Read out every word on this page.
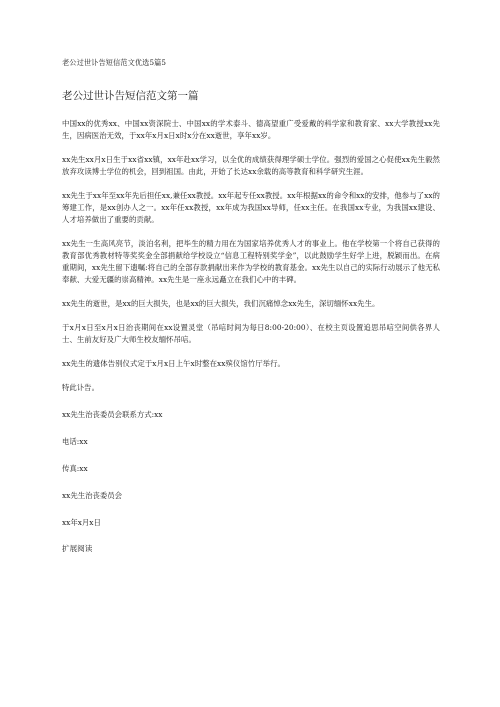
老公过世讣告短信范文优选5篇5
老公过世讣告短信范文第一篇

中国xx的优秀xx、中国xx资深院士、中国xx的学术泰斗、德高望重广受爱戴的科学家和教育家、xx大学教授xx先生，因病医治无效，于xx年x月x日x时x分在xx逝世，享年xx岁。

xx先生xx月x日生于xx省xx镇，xx年赴xx学习，以全优的成绩获得理学硕士学位。强烈的爱国之心促使xx先生毅然放弃攻读博士学位的机会，回到祖国。由此，开始了长达xx余载的高等教育和科学研究生涯。

xx先生于xx年至xx年先后担任xx,兼任xx教授。xx年起专任xx教授。xx年根据xx的命令和xx的安排，他参与了xx的筹建工作，是xx创办人之一。xx年任xx教授，xx年成为我国xx导师，任xx主任。在我国xx专业，为我国xx建设、人才培养做出了重要的贡献。

xx先生一生高风亮节，淡泊名利，把毕生的精力用在为国家培养优秀人才的事业上。他在学校第一个将自己获得的教育部优秀教材特等奖奖金全部捐献给学校设立“信息工程特别奖学金”，以此鼓励学生好学上进，脱颖而出。在病重期间，xx先生留下遗嘱:将自己的全部存款捐献出来作为学校的教育基金。xx先生以自己的实际行动展示了他无私奉献、大爱无疆的崇高精神。xx先生是一座永远矗立在我们心中的丰碑。

xx先生的逝世，是xx的巨大损失，也是xx的巨大损失，我们沉痛悼念xx先生，深切缅怀xx先生。

于x月x日至x月x日治丧期间在xx设置灵堂（吊唁时间为每日8:00-20:00）、在校主页设置追思吊唁空间供各界人士、生前友好及广大师生校友缅怀吊唁。

xx先生的遗体告别仪式定于x月x日上午x时整在xx殡仪馆竹厅举行。

特此讣告。
xx先生治丧委员会联系方式:xx
电话:xx
传真:xx
xx先生治丧委员会
xx年x月x日
扩展阅读
